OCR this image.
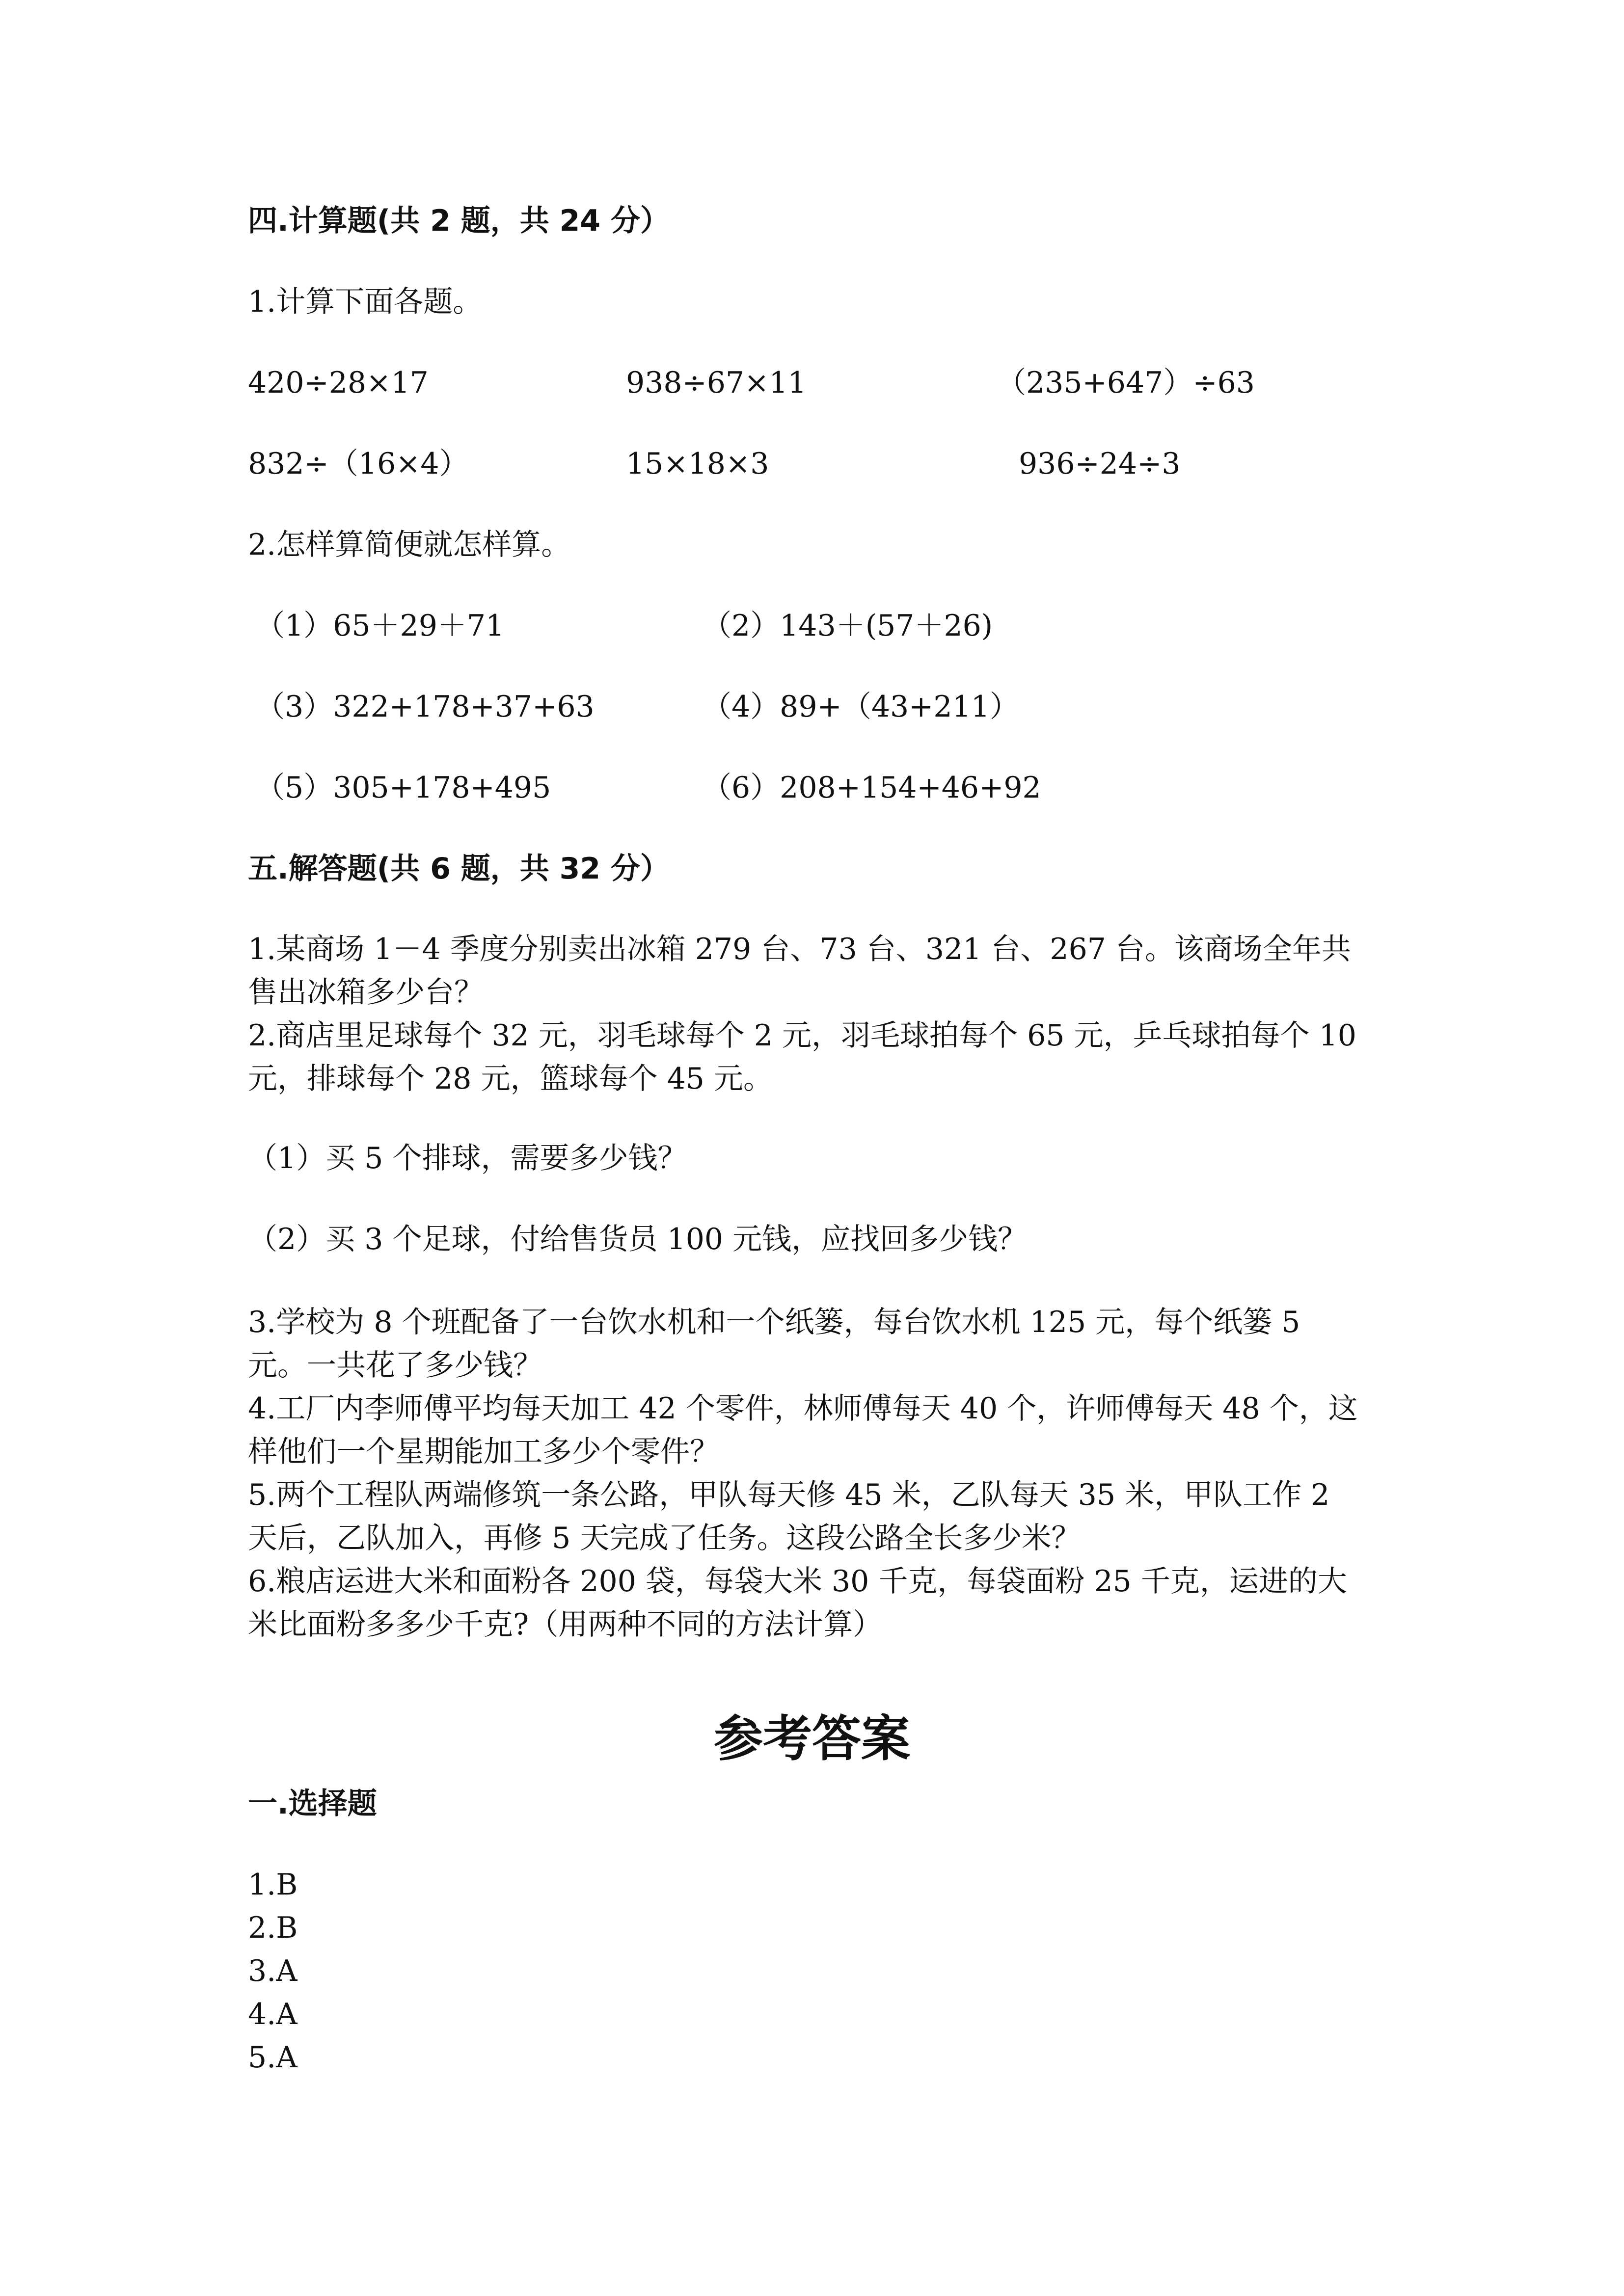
四.计算题(共 2 题，共 24 分）

1.计算下面各题。

420÷28×17	938÷67×11	（235+647）÷63

832÷（16×4）	15×18×3	936÷24÷3

2.怎样算简便就怎样算。

（1）65＋29＋71	（2）143＋(57＋26)

（3）322+178+37+63	（4）89+（43+211）

（5）305+178+495	（6）208+154+46+92

五.解答题(共 6 题，共 32 分）

1.某商场 1－4 季度分别卖出冰箱 279 台、73 台、321 台、267 台。该商场全年共售出冰箱多少台？

2.商店里足球每个 32 元，羽毛球每个 2 元，羽毛球拍每个 65 元，乒乓球拍每个 10 元，排球每个 28 元，篮球每个 45 元。

（1）买 5 个排球，需要多少钱？

（2）买 3 个足球，付给售货员 100 元钱，应找回多少钱？

3.学校为 8 个班配备了一台饮水机和一个纸篓，每台饮水机 125 元，每个纸篓 5 元。一共花了多少钱？

4.工厂内李师傅平均每天加工 42 个零件，林师傅每天 40 个，许师傅每天 48 个，这样他们一个星期能加工多少个零件？

5.两个工程队两端修筑一条公路，甲队每天修 45 米，乙队每天 35 米，甲队工作 2 天后，乙队加入，再修 5 天完成了任务。这段公路全长多少米？

6.粮店运进大米和面粉各 200 袋，每袋大米 30 千克，每袋面粉 25 千克，运进的大米比面粉多多少千克?（用两种不同的方法计算）

参考答案
一.选择题

1.B

2.B

3.A

4.A

5.A
